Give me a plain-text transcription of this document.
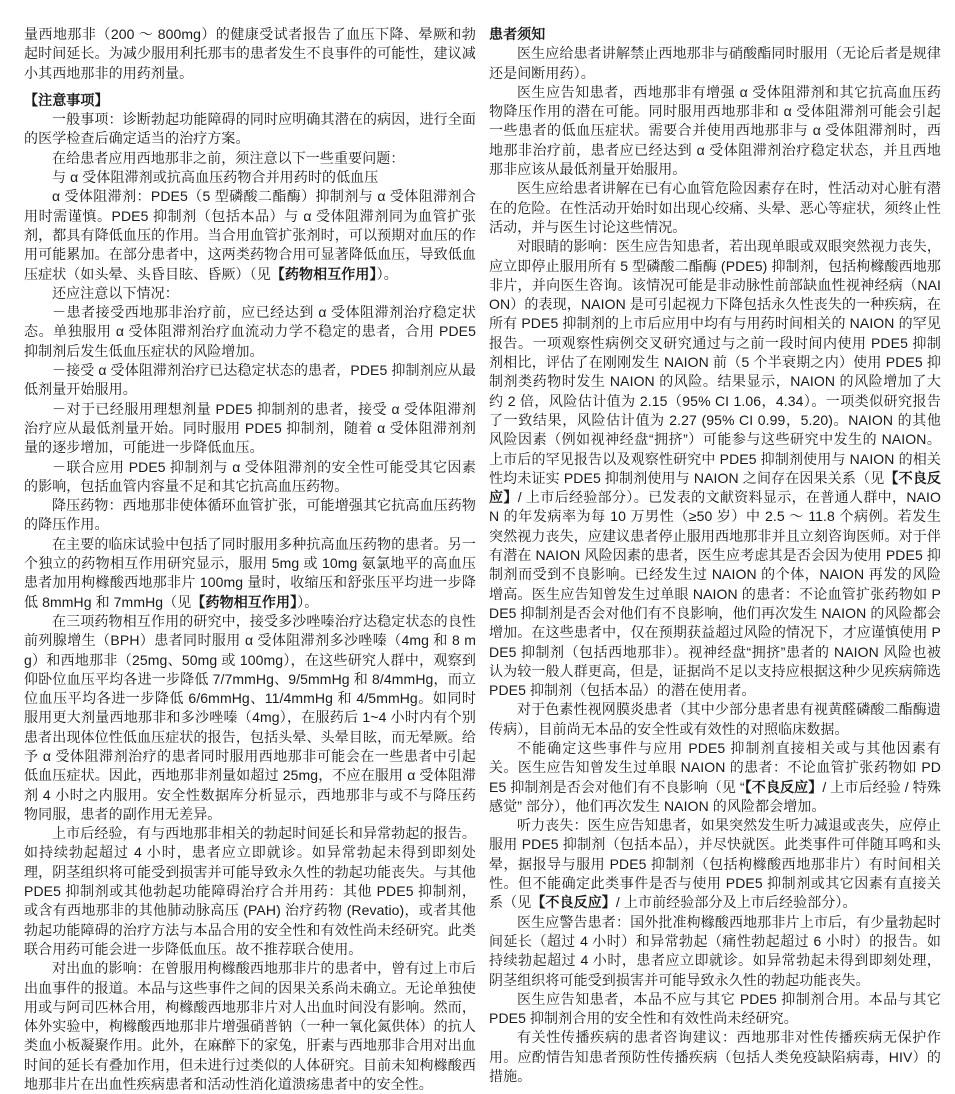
量西地那非（200 ～ 800mg）的健康受试者报告了血压下降、晕厥和勃起时间延长。为减少服用利托那韦的患者发生不良事件的可能性，建议减小其西地那非的用药剂量。

【注意事项】

一般事项：诊断勃起功能障碍的同时应明确其潜在的病因，进行全面的医学检查后确定适当的治疗方案。

在给患者应用西地那非之前，须注意以下一些重要问题：

与 α 受体阻滞剂或抗高血压药物合并用药时的低血压

α 受体阻滞剂：PDE5（5 型磷酸二酯酶）抑制剂与 α 受体阻滞剂合用时需谨慎。PDE5 抑制剂（包括本品）与 α 受体阻滞剂同为血管扩张剂，都具有降低血压的作用。当合用血管扩张剂时，可以预期对血压的作用可能累加。在部分患者中，这两类药物合用可显著降低血压，导致低血压症状（如头晕、头昏目眩、昏厥）（见【药物相互作用】）。

还应注意以下情况：

－患者接受西地那非治疗前，应已经达到 α 受体阻滞剂治疗稳定状态。单独服用 α 受体阻滞剂治疗血流动力学不稳定的患者，合用 PDE5 抑制剂后发生低血压症状的风险增加。

－接受 α 受体阻滞剂治疗已达稳定状态的患者，PDE5 抑制剂应从最低剂量开始服用。

－对于已经服用理想剂量 PDE5 抑制剂的患者，接受 α 受体阻滞剂治疗应从最低剂量开始。同时服用 PDE5 抑制剂，随着 α 受体阻滞剂剂量的逐步增加，可能进一步降低血压。

－联合应用 PDE5 抑制剂与 α 受体阻滞剂的安全性可能受其它因素的影响，包括血管内容量不足和其它抗高血压药物。

降压药物：西地那非使体循环血管扩张，可能增强其它抗高血压药物的降压作用。

在主要的临床试验中包括了同时服用多种抗高血压药物的患者。另一个独立的药物相互作用研究显示，服用 5mg 或 10mg 氨氯地平的高血压患者加用枸橼酸西地那非片 100mg 量时，收缩压和舒张压平均进一步降低 8mmHg 和 7mmHg（见【药物相互作用】）。

在三项药物相互作用的研究中，接受多沙唑嗪治疗达稳定状态的良性前列腺增生（BPH）患者同时服用 α 受体阻滞剂多沙唑嗪（4mg 和 8 mg）和西地那非（25mg、50mg 或 100mg），在这些研究人群中，观察到仰卧位血压平均各进一步降低 7/7mmHg、9/5mmHg 和 8/4mmHg，而立位血压平均各进一步降低 6/6mmHg、11/4mmHg 和 4/5mmHg。如同时服用更大剂量西地那非和多沙唑嗪（4mg），在服药后 1~4 小时内有个别患者出现体位性低血压症状的报告，包括头晕、头晕目眩，而无晕厥。给予 α 受体阻滞剂治疗的患者同时服用西地那非可能会在一些患者中引起低血压症状。因此，西地那非剂量如超过 25mg，不应在服用 α 受体阻滞剂 4 小时之内服用。安全性数据库分析显示，西地那非与或不与降压药物同服，患者的副作用无差异。

上市后经验，有与西地那非相关的勃起时间延长和异常勃起的报告。如持续勃起超过 4 小时，患者应立即就诊。如异常勃起未得到即刻处理，阴茎组织将可能受到损害并可能导致永久性的勃起功能丧失。与其他 PDE5 抑制剂或其他勃起功能障碍治疗合并用药：其他 PDE5 抑制剂，或含有西地那非的其他肺动脉高压 (PAH) 治疗药物 (Revatio)，或者其他勃起功能障碍的治疗方法与本品合用的安全性和有效性尚未经研究。此类联合用药可能会进一步降低血压。故不推荐联合使用。

对出血的影响：在曾服用枸橼酸西地那非片的患者中，曾有过上市后出血事件的报道。本品与这些事件之间的因果关系尚未确立。无论单独使用或与阿司匹林合用，枸橼酸西地那非片对人出血时间没有影响。然而，体外实验中，枸橼酸西地那非片增强硝普钠（一种一氧化氮供体）的抗人类血小板凝聚作用。此外，在麻醉下的家兔，肝素与西地那非合用对出血时间的延长有叠加作用，但未进行过类似的人体研究。目前未知枸橼酸西地那非片在出血性疾病患者和活动性消化道溃疡患者中的安全性。

患者须知

医生应给患者讲解禁止西地那非与硝酸酯同时服用（无论后者是规律还是间断用药）。

医生应告知患者，西地那非有增强 α 受体阻滞剂和其它抗高血压药物降压作用的潜在可能。同时服用西地那非和 α 受体阻滞剂可能会引起一些患者的低血压症状。需要合并使用西地那非与 α 受体阻滞剂时，西地那非治疗前，患者应已经达到 α 受体阻滞剂治疗稳定状态，并且西地那非应该从最低剂量开始服用。

医生应给患者讲解在已有心血管危险因素存在时，性活动对心脏有潜在的危险。在性活动开始时如出现心绞痛、头晕、恶心等症状，须终止性活动，并与医生讨论这些情况。

对眼睛的影响：医生应告知患者，若出现单眼或双眼突然视力丧失，应立即停止服用所有 5 型磷酸二酯酶 (PDE5) 抑制剂，包括枸橼酸西地那非片，并向医生咨询。该情况可能是非动脉性前部缺血性视神经病（NAION）的表现，NAION 是可引起视力下降包括永久性丧失的一种疾病，在所有 PDE5 抑制剂的上市后应用中均有与用药时间相关的 NAION 的罕见报告。一项观察性病例交叉研究通过与之前一段时间内使用 PDE5 抑制剂相比，评估了在刚刚发生 NAION 前（5 个半衰期之内）使用 PDE5 抑制剂类药物时发生 NAION 的风险。结果显示，NAION 的风险增加了大约 2 倍，风险估计值为 2.15（95% CI 1.06，4.34）。一项类似研究报告了一致结果，风险估计值为 2.27 (95% CI 0.99，5.20)。NAION 的其他风险因素（例如视神经盘“拥挤”）可能参与这些研究中发生的 NAION。上市后的罕见报告以及观察性研究中 PDE5 抑制剂使用与 NAION 的相关性均未证实 PDE5 抑制剂使用与 NAION 之间存在因果关系（见【不良反应】/ 上市后经验部分）。已发表的文献资料显示，在普通人群中，NAION 的年发病率为每 10 万男性（≥50 岁）中 2.5 ～ 11.8 个病例。若发生突然视力丧失，应建议患者停止服用西地那非并且立刻咨询医师。对于伴有潜在 NAION 风险因素的患者，医生应考虑其是否会因为使用 PDE5 抑制剂而受到不良影响。已经发生过 NAION 的个体，NAION 再发的风险增高。医生应告知曾发生过单眼 NAION 的患者：不论血管扩张药物如 PDE5 抑制剂是否会对他们有不良影响，他们再次发生 NAION 的风险都会增加。在这些患者中，仅在预期获益超过风险的情况下，才应谨慎使用 PDE5 抑制剂（包括西地那非）。视神经盘“拥挤”患者的 NAION 风险也被认为较一般人群更高，但是，证据尚不足以支持应根据这种少见疾病筛选 PDE5 抑制剂（包括本品）的潜在使用者。

对于色素性视网膜炎患者（其中少部分患者患有视黄醛磷酸二酯酶遗传病），目前尚无本品的安全性或有效性的对照临床数据。

不能确定这些事件与应用 PDE5 抑制剂直接相关或与其他因素有关。医生应告知曾发生过单眼 NAION 的患者：不论血管扩张药物如 PDE5 抑制剂是否会对他们有不良影响（见 “【不良反应】/ 上市后经验 / 特殊感觉” 部分），他们再次发生 NAION 的风险都会增加。

听力丧失：医生应告知患者，如果突然发生听力减退或丧失，应停止服用 PDE5 抑制剂（包括本品），并尽快就医。此类事件可伴随耳鸣和头晕，据报导与服用 PDE5 抑制剂（包括枸橼酸西地那非片）有时间相关性。但不能确定此类事件是否与使用 PDE5 抑制剂或其它因素有直接关系（见【不良反应】/ 上市前经验部分及上市后经验部分）。

医生应警告患者：国外批准枸橼酸西地那非片上市后，有少量勃起时间延长（超过 4 小时）和异常勃起（痛性勃起超过 6 小时）的报告。如持续勃起超过 4 小时，患者应立即就诊。如异常勃起未得到即刻处理，阴茎组织将可能受到损害并可能导致永久性的勃起功能丧失。

医生应告知患者，本品不应与其它 PDE5 抑制剂合用。本品与其它 PDE5 抑制剂合用的安全性和有效性尚未经研究。

有关性传播疾病的患者咨询建议：西地那非对性传播疾病无保护作用。应酌情告知患者预防性传播疾病（包括人类免疫缺陷病毒，HIV）的措施。
